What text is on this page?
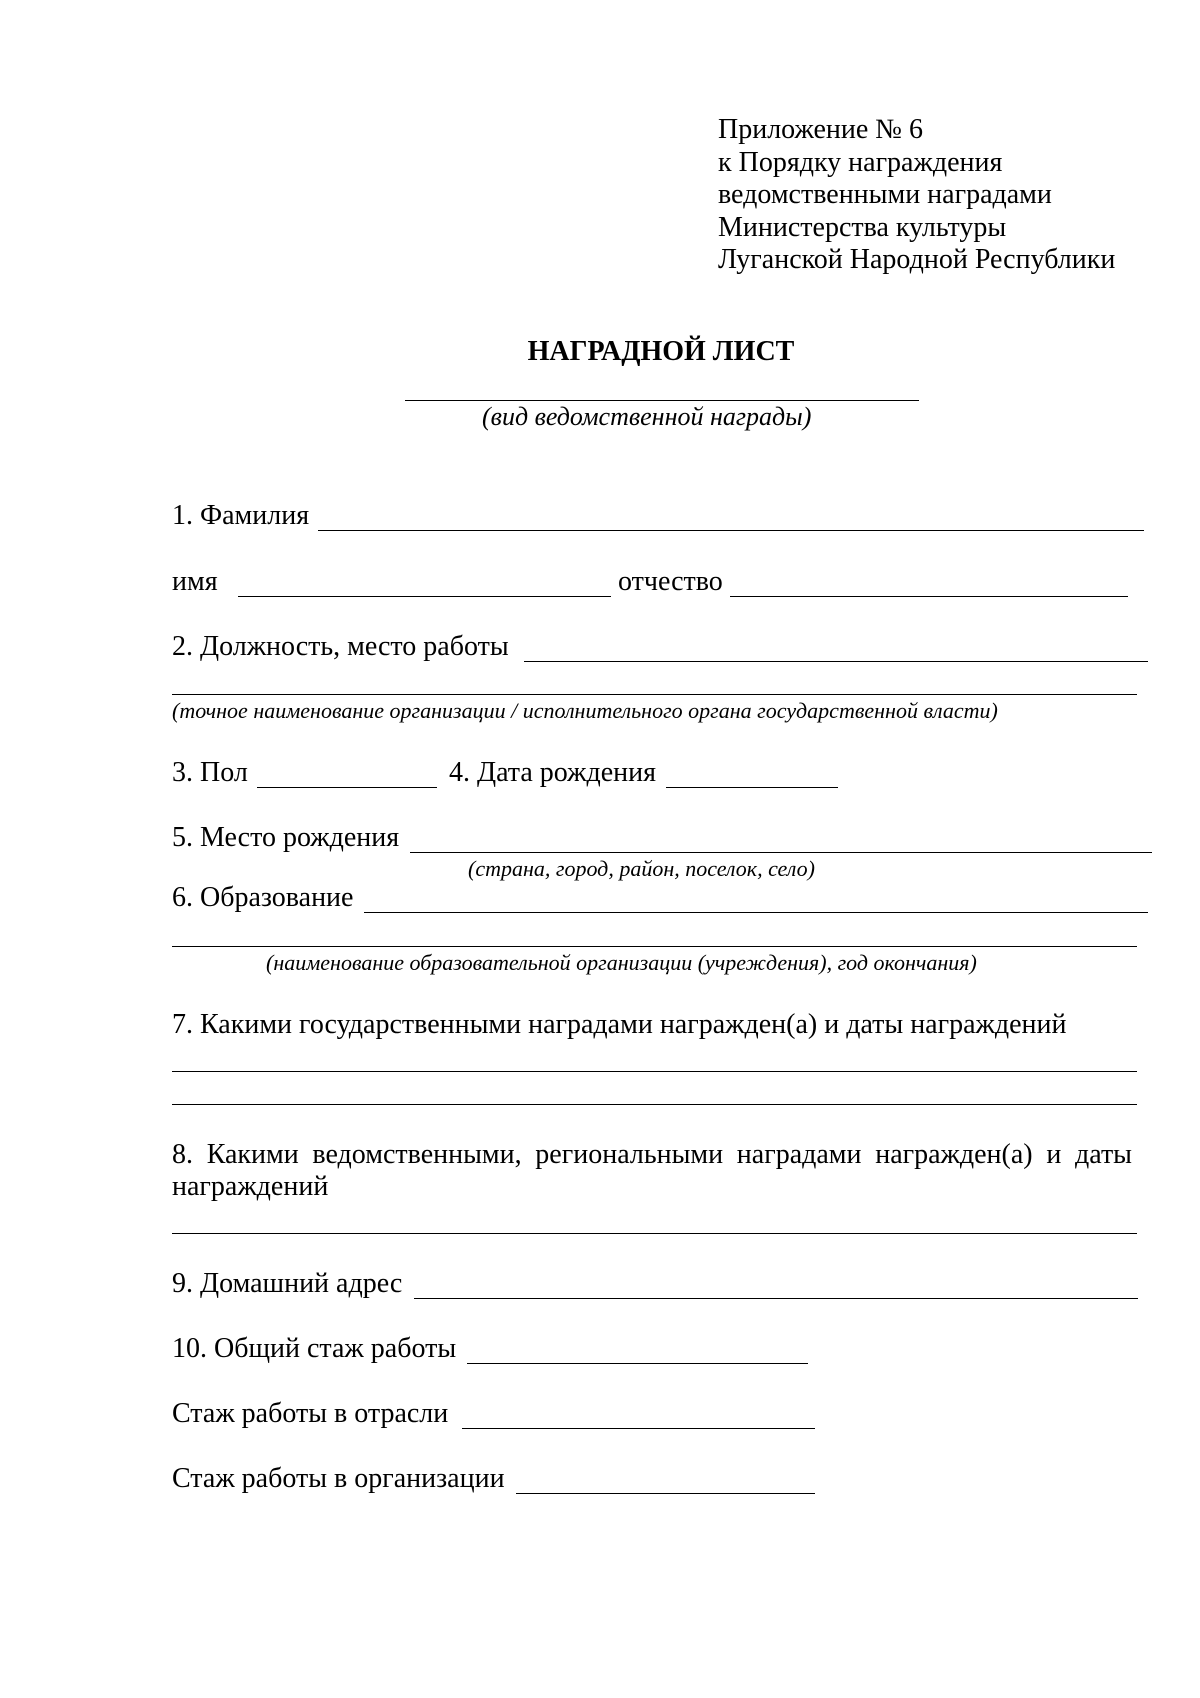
Приложение № 6
к Порядку награждения
ведомственными наградами
Министерства культуры
Луганской Народной Республики
НАГРАДНОЙ ЛИСТ
(вид ведомственной награды)
1. Фамилия
имя	отчество
2. Должность, место работы
(точное наименование организации / исполнительного органа государственной власти)
3. Пол	4. Дата рождения
5. Место рождения
(страна, город, район, поселок, село)
6. Образование
(наименование образовательной организации (учреждения), год окончания)
7. Какими государственными наградами награжден(а) и даты награждений
8. Какими ведомственными, региональными наградами награжден(а) и даты
награждений
9. Домашний адрес
10. Общий стаж работы
Стаж работы в отрасли
Стаж работы в организации
